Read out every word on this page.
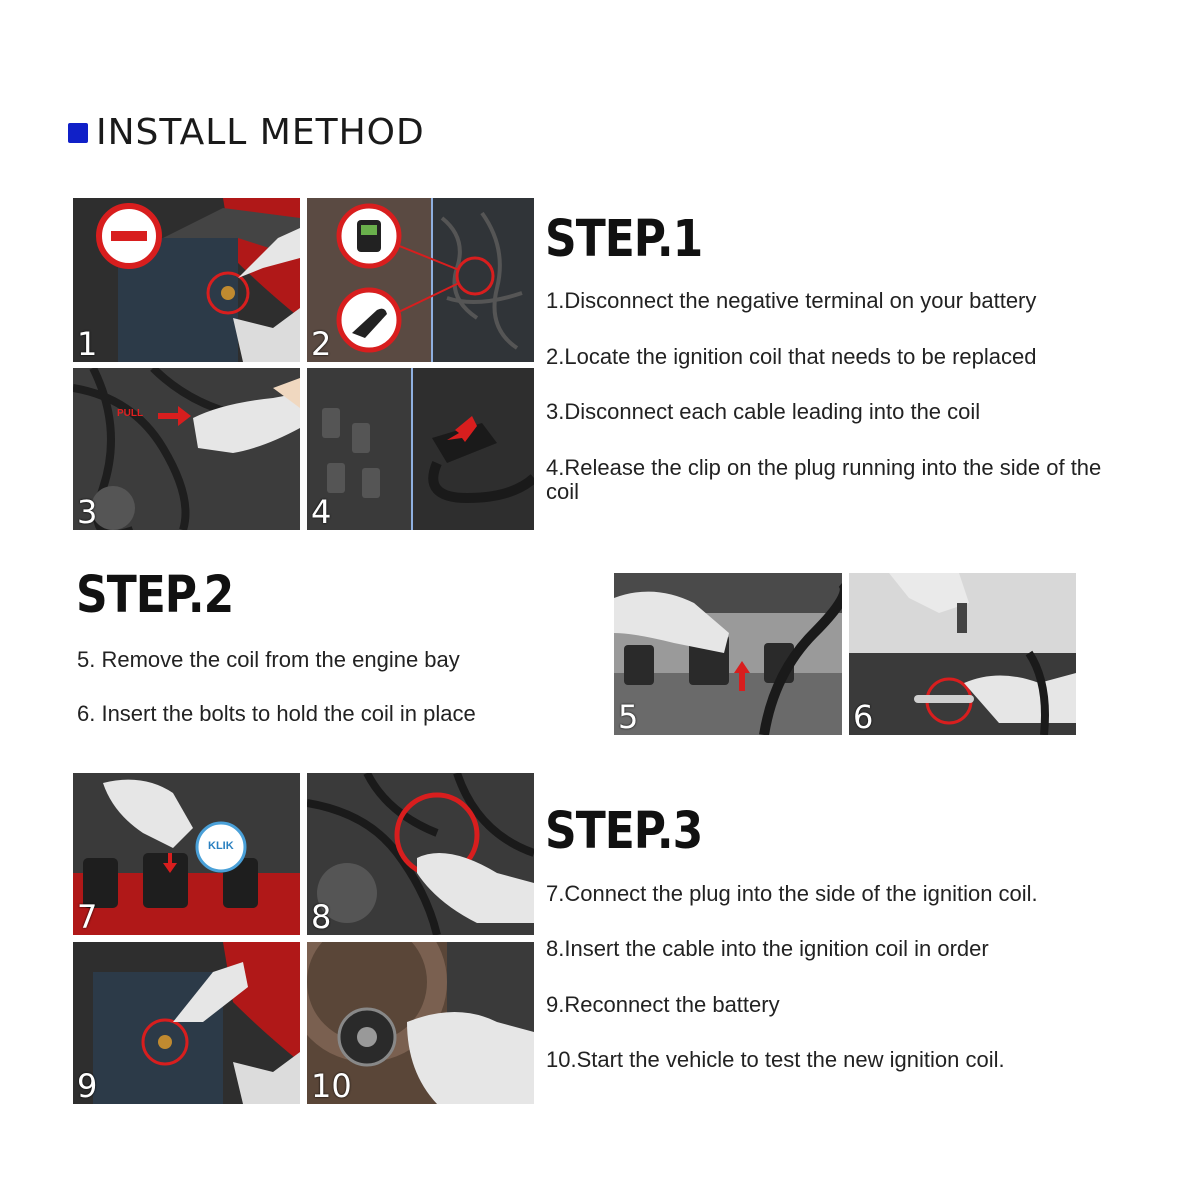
INSTALL METHOD
1	2
PULL
3	4
STEP.1

1.Disconnect the negative terminal on your battery

2.Locate the ignition coil that needs to be replaced

3.Disconnect each cable leading into the coil

4.Release the clip on the plug running into the side of the coil

STEP.2

5. Remove the coil from the engine bay

6. Insert the bolts to hold the coil in place	5	6
KLIK
7	8
9	10
STEP.3

7.Connect the plug into the side of the ignition coil.

8.Insert the cable into the ignition coil in order

9.Reconnect the battery

10.Start the vehicle to test the new ignition coil.
